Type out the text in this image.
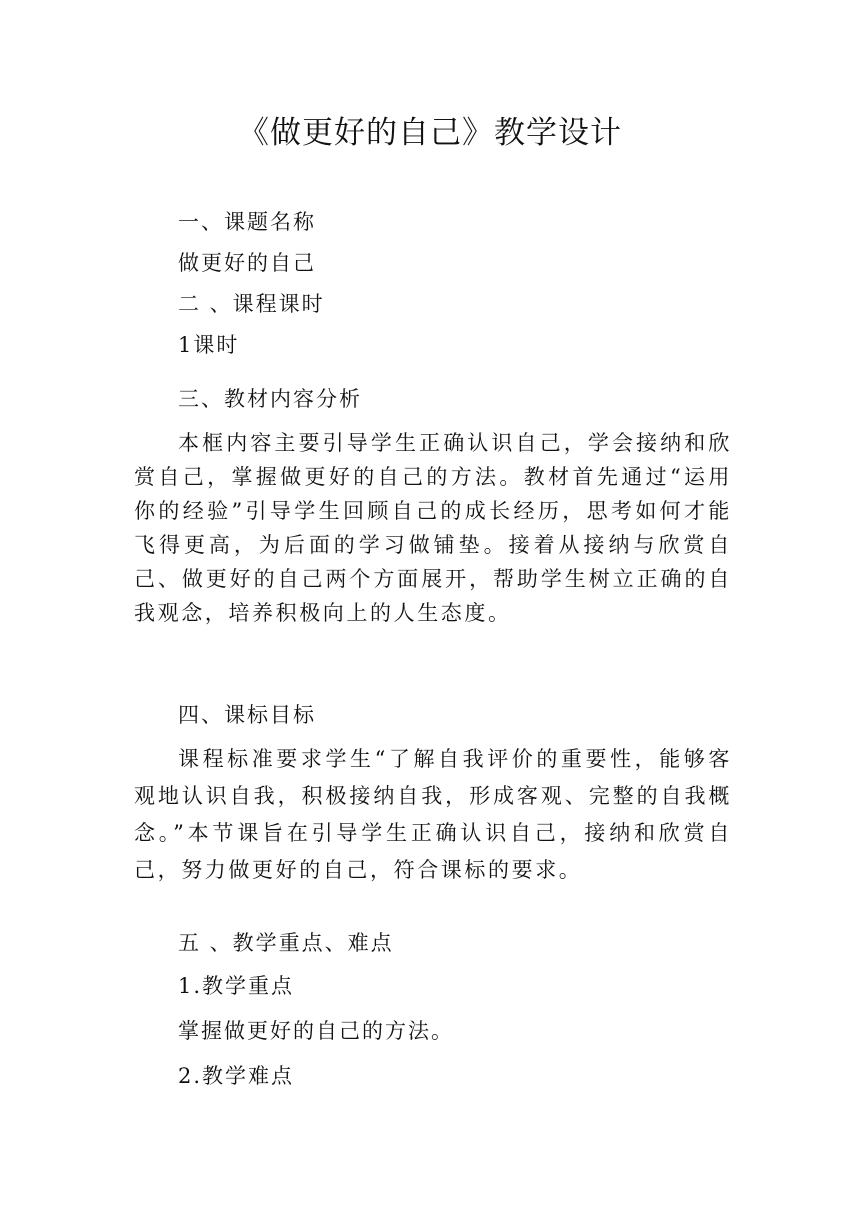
《做更好的自己》教学设计

一、课题名称

做更好的自己

二 、课程课时

1课时

三、教材内容分析

本框内容主要引导学生正确认识自己，学会接纳和欣赏自己，掌握做更好的自己的方法。教材首先通过“运用你的经验”引导学生回顾自己的成长经历，思考如何才能飞得更高，为后面的学习做铺垫。接着从接纳与欣赏自己、做更好的自己两个方面展开，帮助学生树立正确的自我观念，培养积极向上的人生态度。

四、课标目标

课程标准要求学生“了解自我评价的重要性，能够客观地认识自我，积极接纳自我，形成客观、完整的自我概念。”本节课旨在引导学生正确认识自己，接纳和欣赏自己，努力做更好的自己，符合课标的要求。

五 、教学重点、难点

1.教学重点

掌握做更好的自己的方法。

2.教学难点
